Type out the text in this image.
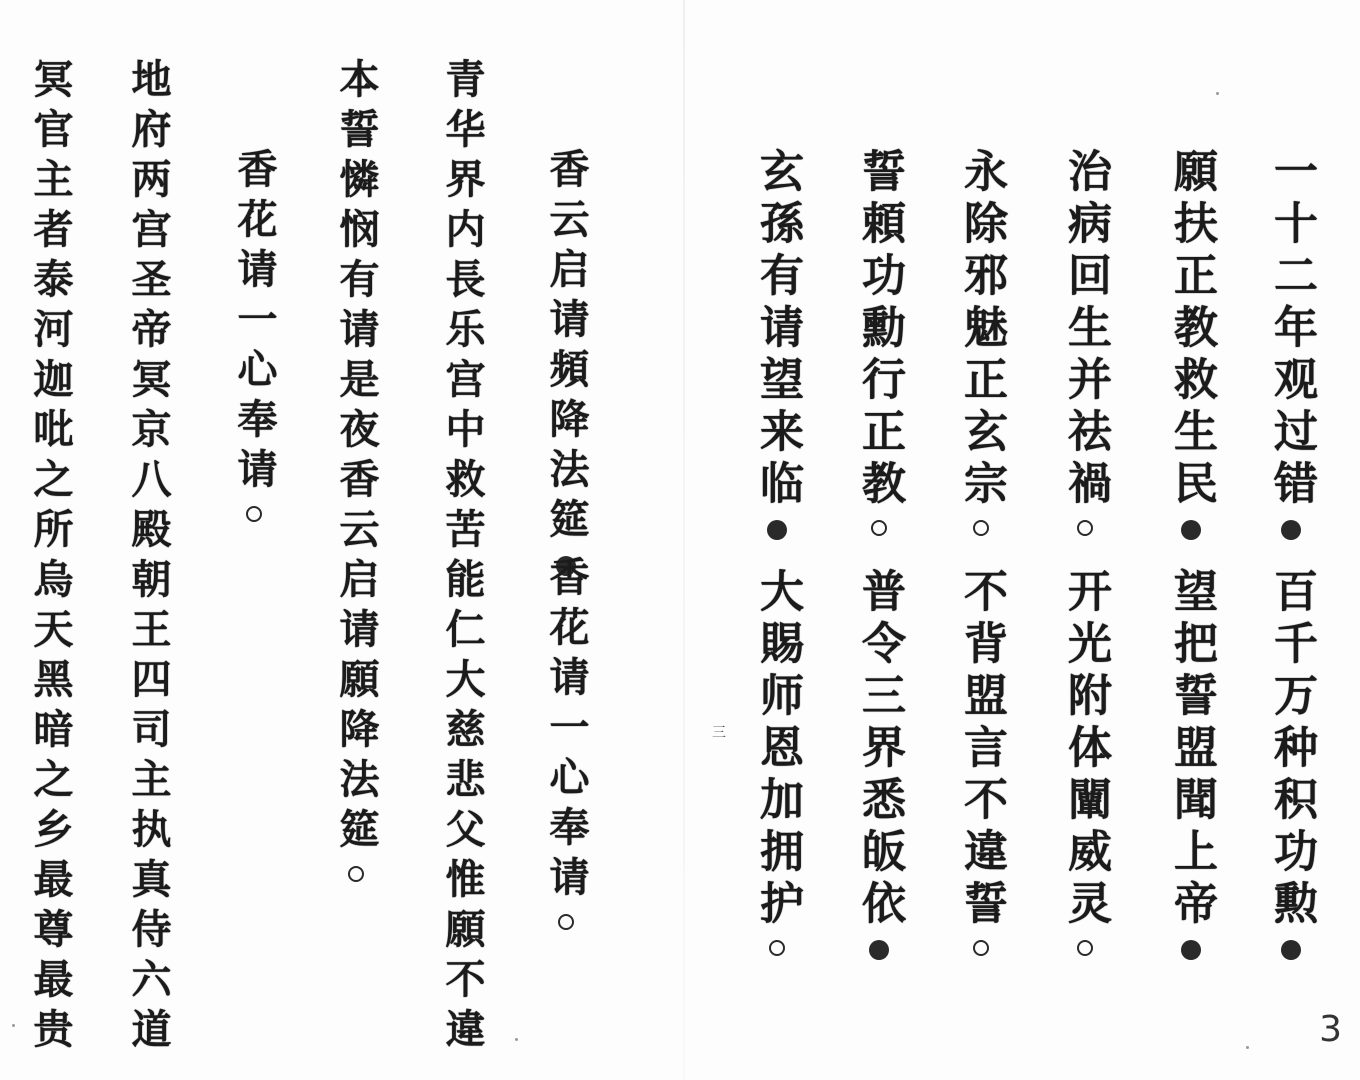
一十二年观过错
百千万种积功勲
願扶正教救生民
望把誓盟聞上帝
治病回生并祛禍
开光附体闡威灵
永除邪魅正玄宗
不背盟言不違誓
誓頼功勳行正教
普令三界悉皈依
玄孫有请望来临
大賜师恩加拥护
香云启请頻降法筵
香花请一心奉请
青华界内長乐宫中救苦能仁大慈悲父惟願不違
本誓憐悯有请是夜香云启请願降法筵
香花请一心奉请
地府两宫圣帝冥京八殿朝王四司主执真侍六道
冥官主者泰河迦吡之所烏天黑暗之乡最尊最贵	三
3
